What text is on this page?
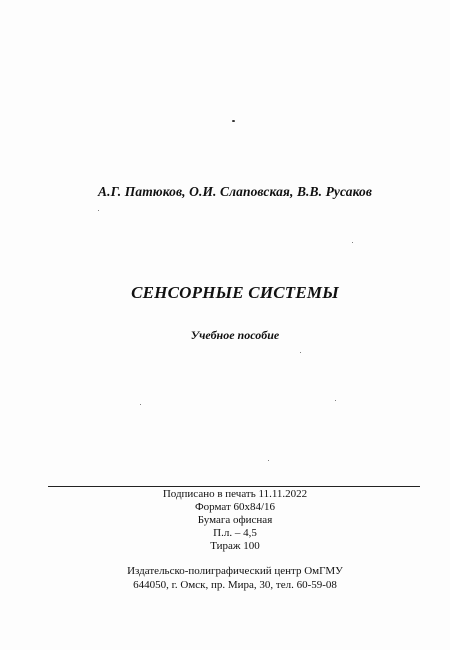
А.Г. Патюков, О.И. Слаповская, В.В. Русаков
СЕНСОРНЫЕ СИСТЕМЫ
Учебное пособие
Подписано в печать 11.11.2022
Формат 60х84/16
Бумага офисная
П.л. – 4,5
Тираж 100
Издательско-полиграфический центр ОмГМУ
644050, г. Омск, пр. Мира, 30, тел. 60-59-08
